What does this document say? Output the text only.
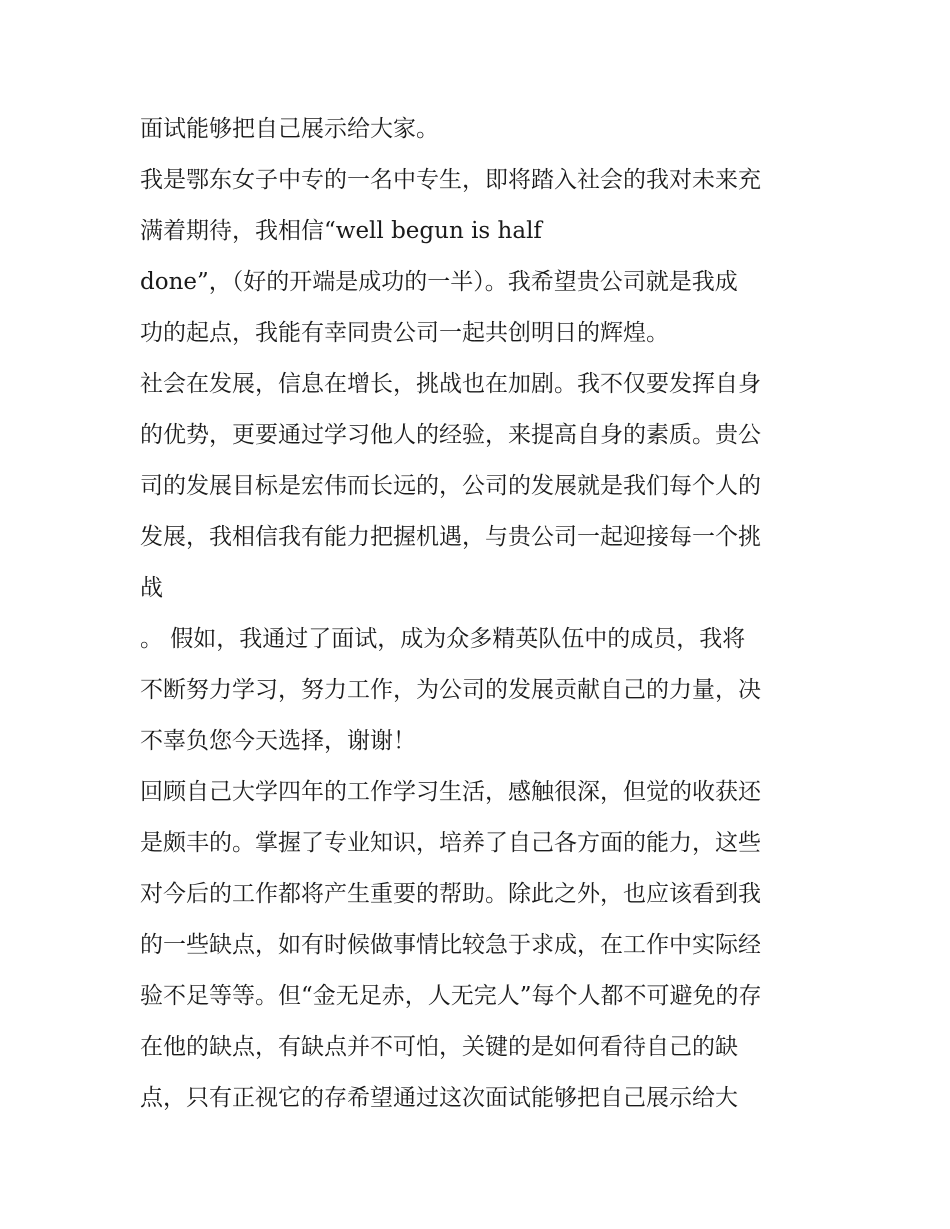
面试能够把自己展示给大家。
我是鄂东女子中专的一名中专生，即将踏入社会的我对未来充
满着期待，我相信“well begun is half
done”，（好的开端是成功的一半）。我希望贵公司就是我成
功的起点，我能有幸同贵公司一起共创明日的辉煌。
社会在发展，信息在增长，挑战也在加剧。我不仅要发挥自身
的优势，更要通过学习他人的经验，来提高自身的素质。贵公
司的发展目标是宏伟而长远的，公司的发展就是我们每个人的
发展，我相信我有能力把握机遇，与贵公司一起迎接每一个挑
战
。 假如，我通过了面试，成为众多精英队伍中的成员，我将
不断努力学习，努力工作，为公司的发展贡献自己的力量，决
不辜负您今天选择，谢谢！
回顾自己大学四年的工作学习生活，感触很深，但觉的收获还
是颇丰的。掌握了专业知识，培养了自己各方面的能力，这些
对今后的工作都将产生重要的帮助。除此之外，也应该看到我
的一些缺点，如有时候做事情比较急于求成，在工作中实际经
验不足等等。但“金无足赤，人无完人”每个人都不可避免的存
在他的缺点，有缺点并不可怕，关键的是如何看待自己的缺
点，只有正视它的存希望通过这次面试能够把自己展示给大
